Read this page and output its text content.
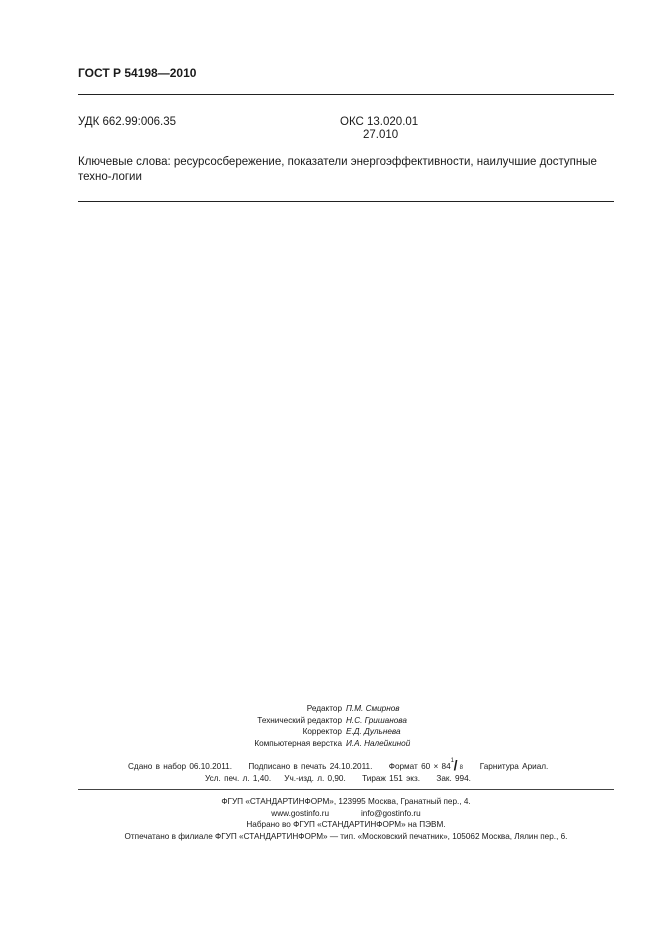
ГОСТ Р 54198—2010
УДК 662.99:006.35	ОКС 13.020.01
27.010
Ключевые слова: ресурсосбережение, показатели энергоэффективности, наилучшие доступные техно-логии
Редактор П.М. Смирнов
Технический редактор Н.С. Гришанова
Корректор Е.Д. Дульнева
Компьютерная верстка И.А. Налейкиной
Сдано в набор 06.10.2011. Подписано в печать 24.10.2011. Формат 60 × 84
1 / 8 Гарнитура Ариал.
Усл. печ. л. 1,40. Уч.-изд. л. 0,90. Тираж 151 экз. Зак. 994.
ФГУП «СТАНДАРТИНФОРМ», 123995 Москва, Гранатный пер., 4.
www.gostinfo.ru	info@gostinfo.ru
Набрано во ФГУП «СТАНДАРТИНФОРМ» на ПЭВМ.
Отпечатано в филиале ФГУП «СТАНДАРТИНФОРМ» — тип. «Московский печатник», 105062 Москва, Лялин пер., 6.
